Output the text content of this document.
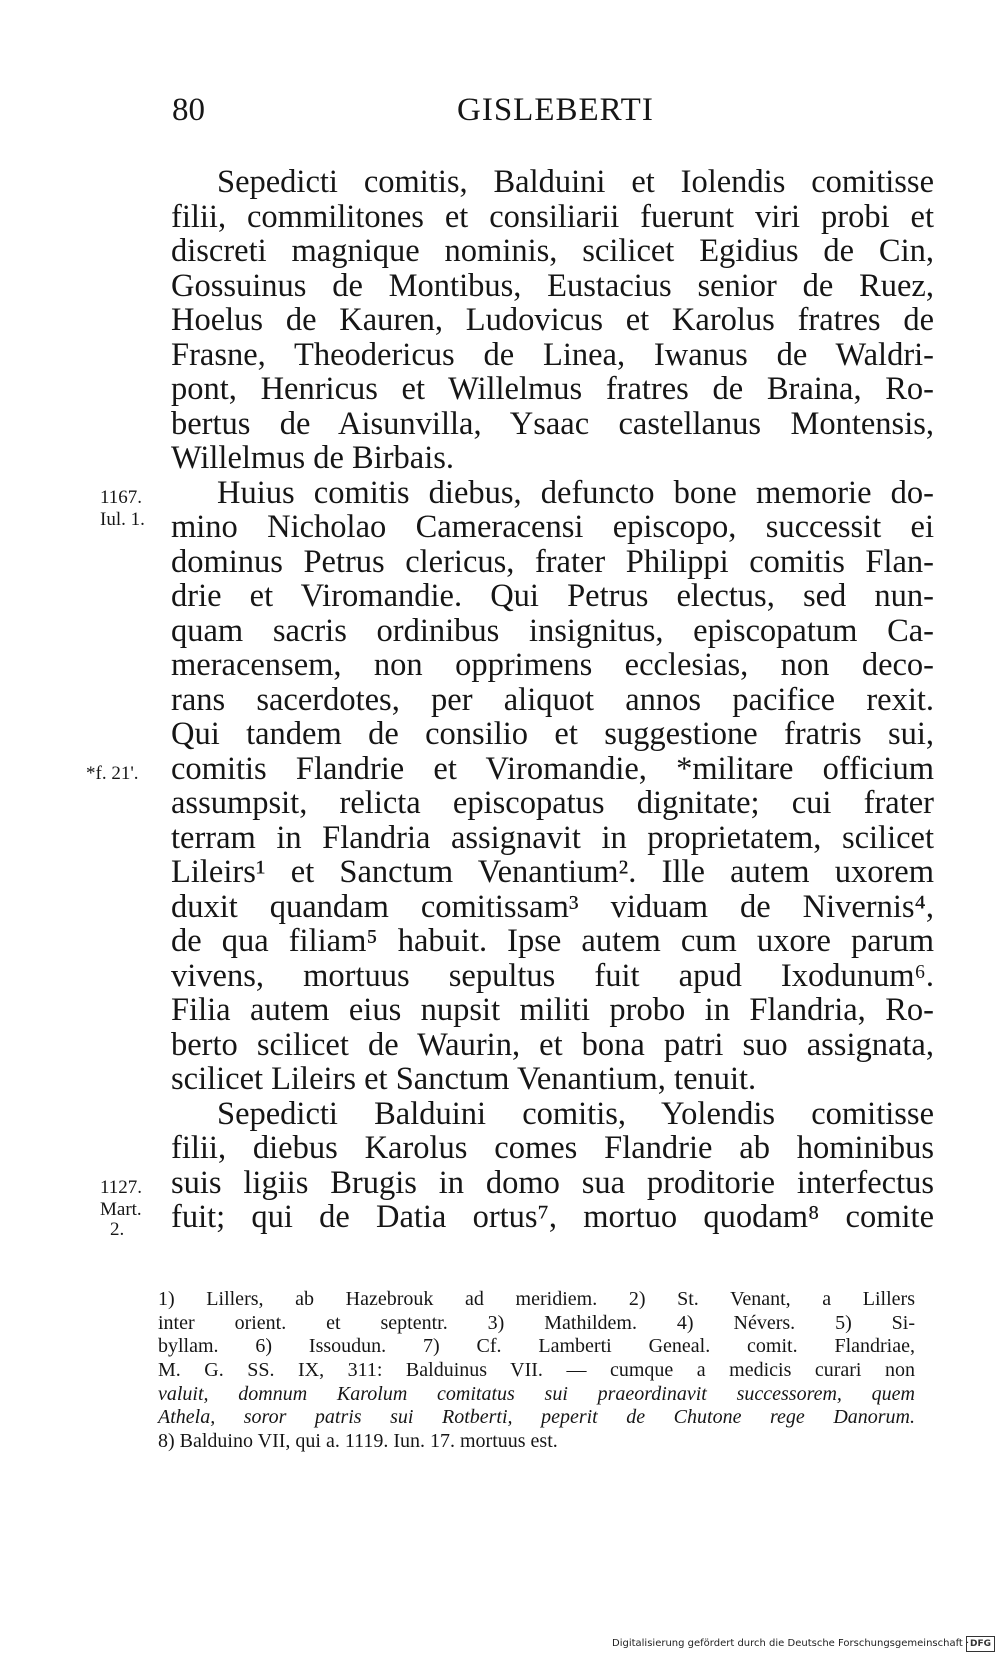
80	GISLEBERTI
Sepedicti comitis, Balduini et Iolendis comitisse
filii, commilitones et consiliarii fuerunt viri probi et
discreti magnique nominis, scilicet Egidius de Cin,
Gossuinus de Montibus, Eustacius senior de Ruez,
Hoelus de Kauren, Ludovicus et Karolus fratres de
Frasne, Theodericus de Linea, Iwanus de Waldri-
pont, Henricus et Willelmus fratres de Braina, Ro-
bertus de Aisunvilla, Ysaac castellanus Montensis,
Willelmus de Birbais.
Huius comitis diebus, defuncto bone memorie do-
mino Nicholao Cameracensi episcopo, successit ei
dominus Petrus clericus, frater Philippi comitis Flan-
drie et Viromandie. Qui Petrus electus, sed nun-
quam sacris ordinibus insignitus, episcopatum Ca-
meracensem, non opprimens ecclesias, non deco-
rans sacerdotes, per aliquot annos pacifice rexit.
Qui tandem de consilio et suggestione fratris sui,
comitis Flandrie et Viromandie, *militare officium
assumpsit, relicta episcopatus dignitate; cui frater
terram in Flandria assignavit in proprietatem, scilicet
Lileirs¹ et Sanctum Venantium². Ille autem uxorem
duxit quandam comitissam³ viduam de Nivernis⁴,
de qua filiam⁵ habuit. Ipse autem cum uxore parum
vivens, mortuus sepultus fuit apud Ixodunum⁶.
Filia autem eius nupsit militi probo in Flandria, Ro-
berto scilicet de Waurin, et bona patri suo assignata,
scilicet Lileirs et Sanctum Venantium, tenuit.
Sepedicti Balduini comitis, Yolendis comitisse
filii, diebus Karolus comes Flandrie ab hominibus
suis ligiis Brugis in domo sua proditorie interfectus
fuit; qui de Datia ortus⁷, mortuo quodam⁸ comite
1167.
Iul. 1.
*f. 21'.
1127.
Mart.
2.
1) Lillers, ab Hazebrouk ad meridiem. 2) St. Venant, a Lillers
inter orient. et septentr. 3) Mathildem. 4) Névers. 5) Si-
byllam. 6) Issoudun. 7) Cf. Lamberti Geneal. comit. Flandriae,
M. G. SS. IX, 311: Balduinus VII. — cumque a medicis curari non
valuit, domnum Karolum comitatus sui praeordinavit successorem, quem
Athela, soror patris sui Rotberti, peperit de Chutone rege Danorum.
8) Balduino VII, qui a. 1119. Iun. 17. mortuus est.
Digitalisierung gefördert durch die Deutsche Forschungsgemeinschaft · DFG
